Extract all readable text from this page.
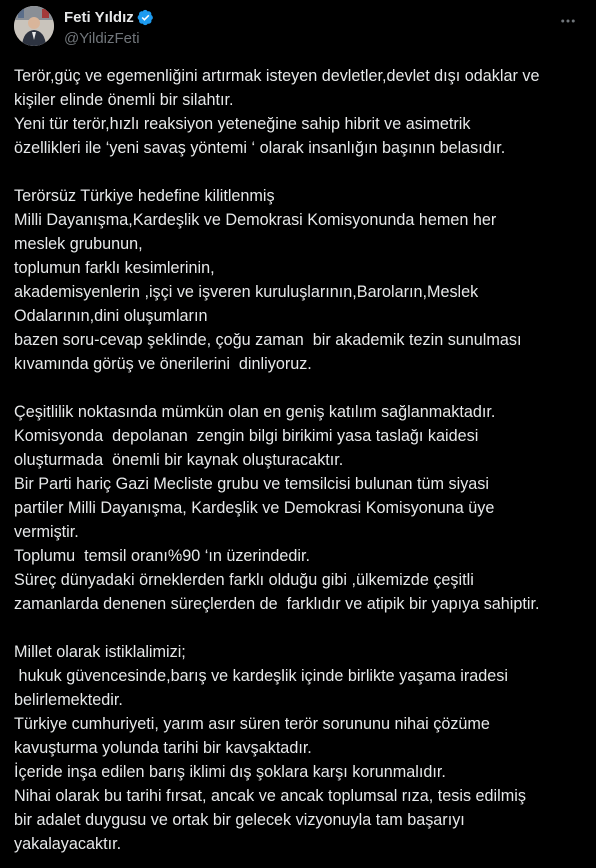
Feti Yıldız
@YildizFeti
Terör,güç ve egemenliğini artırmak isteyen devletler,devlet dışı odaklar ve
kişiler elinde önemli bir silahtır.
Yeni tür terör,hızlı reaksiyon yeteneğine sahip hibrit ve asimetrik
özellikleri ile ‘yeni savaş yöntemi ‘ olarak insanlığın başının belasıdır.
Terörsüz Türkiye hedefine kilitlenmiş
Milli Dayanışma,Kardeşlik ve Demokrasi Komisyonunda hemen her
meslek grubunun,
toplumun farklı kesimlerinin,
akademisyenlerin ,işçi ve işveren kuruluşlarının,Baroların,Meslek
Odalarının,dini oluşumların
bazen soru-cevap şeklinde, çoğu zaman  bir akademik tezin sunulması
kıvamında görüş ve önerilerini  dinliyoruz.
Çeşitlilik noktasında mümkün olan en geniş katılım sağlanmaktadır.
Komisyonda  depolanan  zengin bilgi birikimi yasa taslağı kaidesi
oluşturmada  önemli bir kaynak oluşturacaktır.
Bir Parti hariç Gazi Mecliste grubu ve temsilcisi bulunan tüm siyasi
partiler Milli Dayanışma, Kardeşlik ve Demokrasi Komisyonuna üye
vermiştir.
Toplumu  temsil oranı%90 ‘ın üzerindedir.
Süreç dünyadaki örneklerden farklı olduğu gibi ,ülkemizde çeşitli
zamanlarda denenen süreçlerden de  farklıdır ve atipik bir yapıya sahiptir.
Millet olarak istiklalimizi;
hukuk güvencesinde,barış ve kardeşlik içinde birlikte yaşama iradesi
belirlemektedir.
Türkiye cumhuriyeti, yarım asır süren terör sorununu nihai çözüme
kavuşturma yolunda tarihi bir kavşaktadır.
İçeride inşa edilen barış iklimi dış şoklara karşı korunmalıdır.
Nihai olarak bu tarihi fırsat, ancak ve ancak toplumsal rıza, tesis edilmiş
bir adalet duygusu ve ortak bir gelecek vizyonuyla tam başarıyı
yakalayacaktır.
